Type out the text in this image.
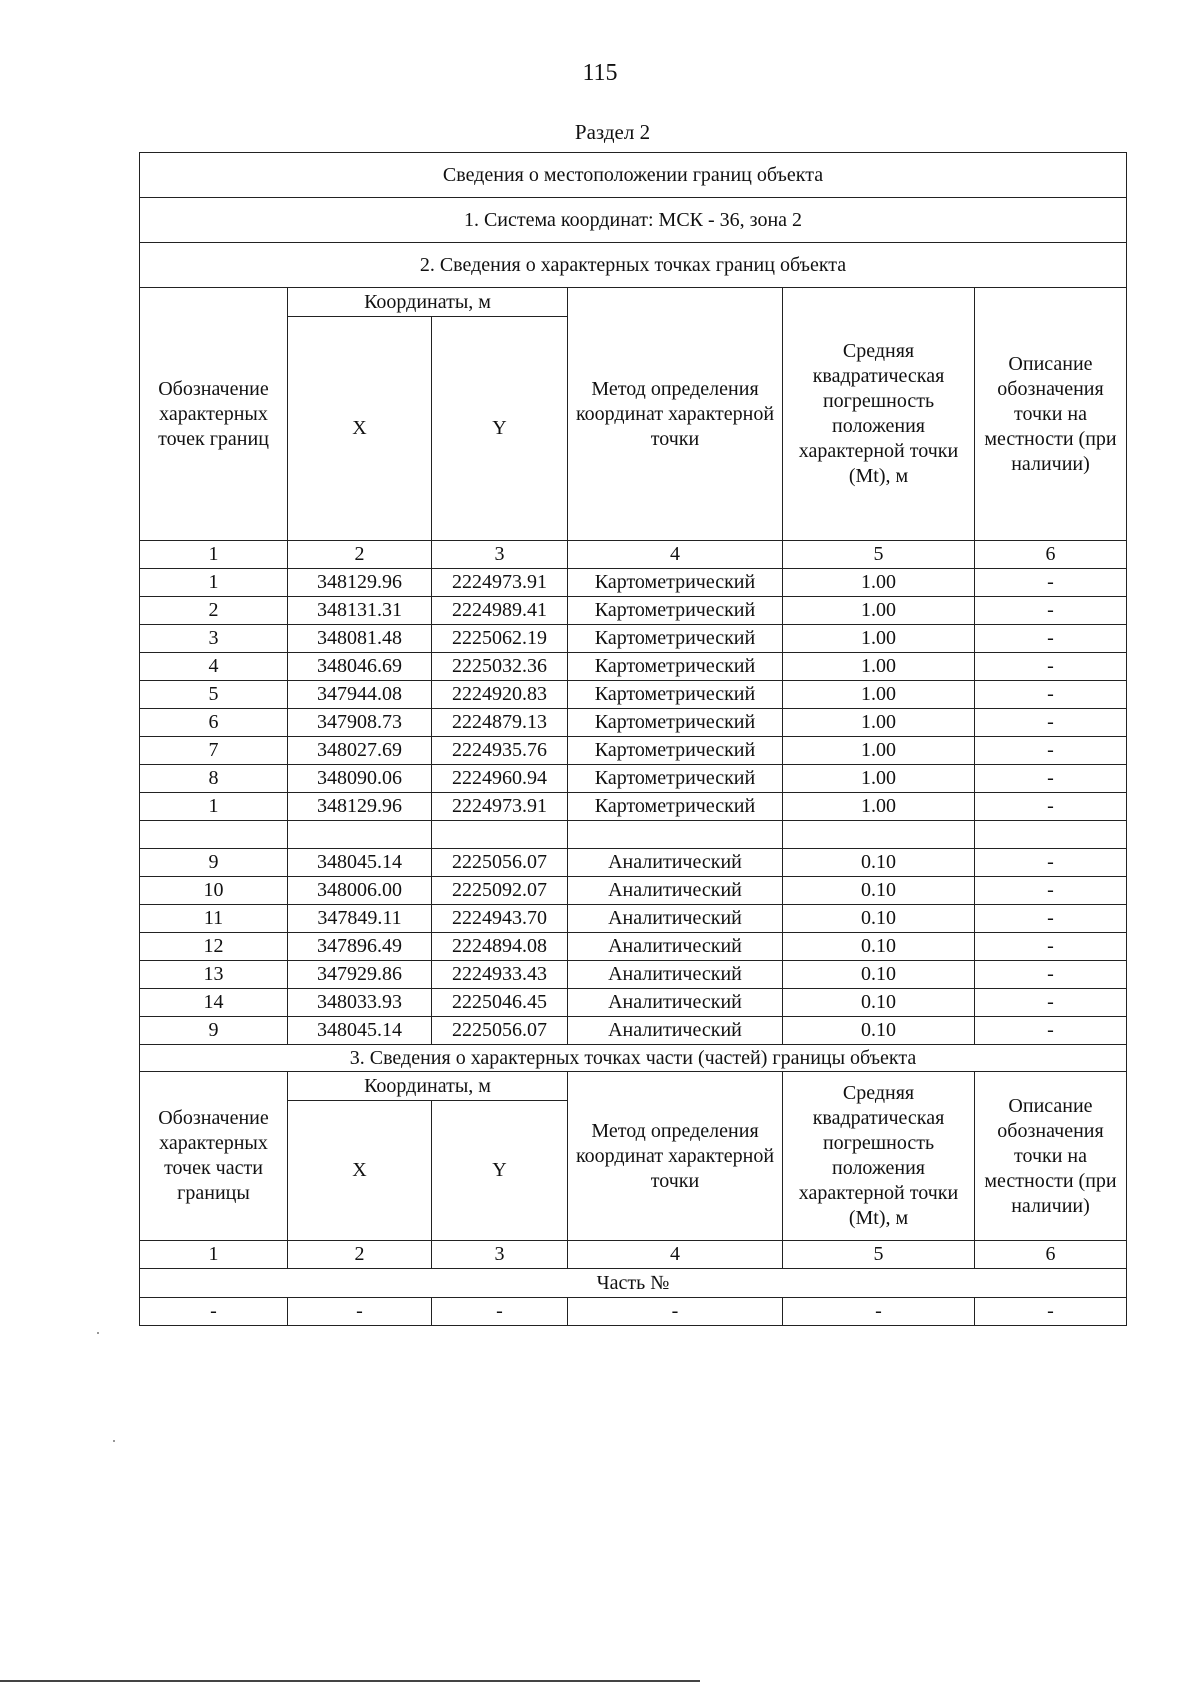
115
Раздел 2
Сведения о местоположении границ объекта					
1. Система координат: МСК - 36, зона 2					
2. Сведения о характерных точках границ объекта					
Обозначение характерных точек границ	Координаты, м		Метод определения координат характерной точки	Средняя квадратическая погрешность положения характерной точки (Mt), м	Описание обозначения точки на местности (при наличии)
	X	Y			
1	2	3	4	5	6
1	348129.96	2224973.91	Картометрический	1.00	-
2	348131.31	2224989.41	Картометрический	1.00	-
3	348081.48	2225062.19	Картометрический	1.00	-
4	348046.69	2225032.36	Картометрический	1.00	-
5	347944.08	2224920.83	Картометрический	1.00	-
6	347908.73	2224879.13	Картометрический	1.00	-
7	348027.69	2224935.76	Картометрический	1.00	-
8	348090.06	2224960.94	Картометрический	1.00	-
1	348129.96	2224973.91	Картометрический	1.00	-

9	348045.14	2225056.07	Аналитический	0.10	-
10	348006.00	2225092.07	Аналитический	0.10	-
11	347849.11	2224943.70	Аналитический	0.10	-
12	347896.49	2224894.08	Аналитический	0.10	-
13	347929.86	2224933.43	Аналитический	0.10	-
14	348033.93	2225046.45	Аналитический	0.10	-
9	348045.14	2225056.07	Аналитический	0.10	-
3. Сведения о характерных точках части (частей) границы объекта					
Обозначение характерных точек части границы	Координаты, м		Метод определения координат характерной точки	Средняя квадратическая погрешность положения характерной точки (Mt), м	Описание обозначения точки на местности (при наличии)
	X	Y			
1	2	3	4	5	6
Часть №					
-	-	-	-	-	-
